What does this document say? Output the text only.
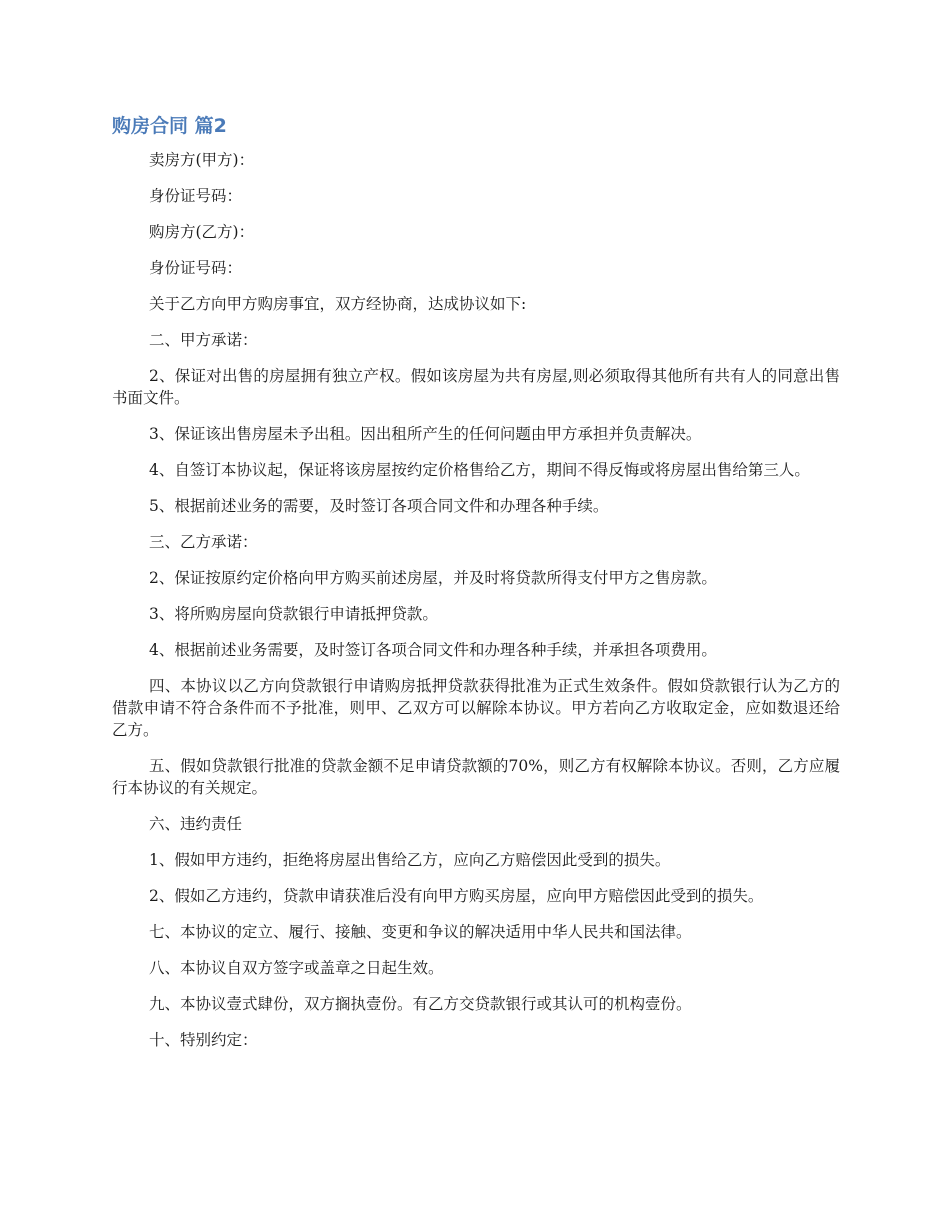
购房合同 篇2

卖房方(甲方)：

身份证号码：

购房方(乙方)：

身份证号码：

关于乙方向甲方购房事宜，双方经协商，达成协议如下:

二、甲方承诺：

2、保证对出售的房屋拥有独立产权。假如该房屋为共有房屋,则必须取得其他所有共有人的同意出售书面文件。

3、保证该出售房屋未予出租。因出租所产生的任何问题由甲方承担并负责解决。

4、自签订本协议起，保证将该房屋按约定价格售给乙方，期间不得反悔或将房屋出售给第三人。

5、根据前述业务的需要，及时签订各项合同文件和办理各种手续。

三、乙方承诺：

2、保证按原约定价格向甲方购买前述房屋，并及时将贷款所得支付甲方之售房款。

3、将所购房屋向贷款银行申请抵押贷款。

4、根据前述业务需要，及时签订各项合同文件和办理各种手续，并承担各项费用。

四、本协议以乙方向贷款银行申请购房抵押贷款获得批准为正式生效条件。假如贷款银行认为乙方的借款申请不符合条件而不予批准，则甲、乙双方可以解除本协议。甲方若向乙方收取定金，应如数退还给乙方。

五、假如贷款银行批准的贷款金额不足申请贷款额的70%，则乙方有权解除本协议。否则，乙方应履行本协议的有关规定。

六、违约责任

1、假如甲方违约，拒绝将房屋出售给乙方，应向乙方赔偿因此受到的损失。

2、假如乙方违约，贷款申请获准后没有向甲方购买房屋，应向甲方赔偿因此受到的损失。

七、本协议的定立、履行、接触、变更和争议的解决适用中华人民共和国法律。

八、本协议自双方签字或盖章之日起生效。

九、本协议壹式肆份，双方搁执壹份。有乙方交贷款银行或其认可的机构壹份。

十、特别约定：
